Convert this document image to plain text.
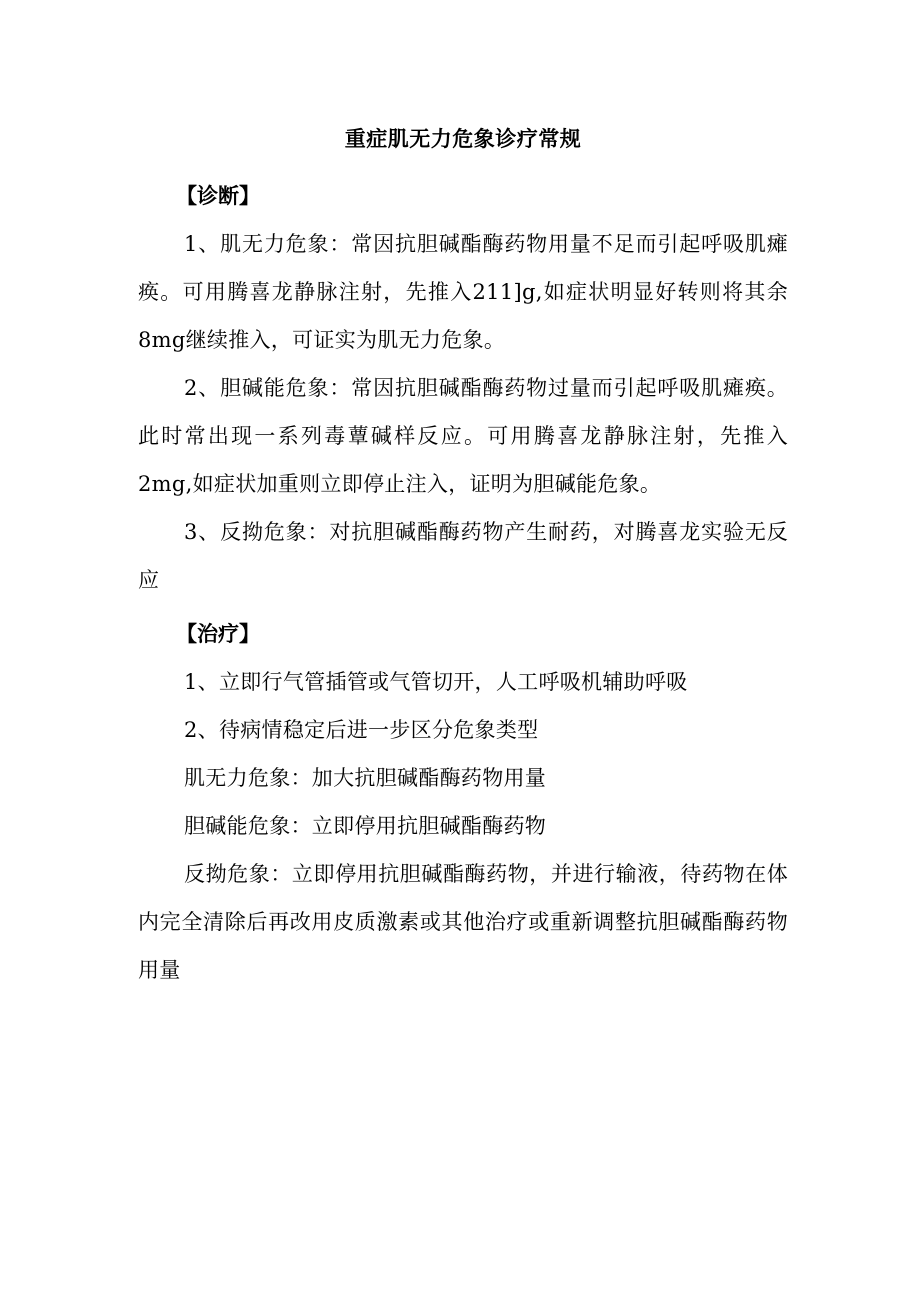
重症肌无力危象诊疗常规
【诊断】

1、肌无力危象：常因抗胆碱酯酶药物用量不足而引起呼吸肌瘫痪。可用腾喜龙静脉注射，先推入211]g,如症状明显好转则将其余8mg继续推入，可证实为肌无力危象。

2、胆碱能危象：常因抗胆碱酯酶药物过量而引起呼吸肌瘫痪。此时常出现一系列毒蕈碱样反应。可用腾喜龙静脉注射，先推入2mg,如症状加重则立即停止注入，证明为胆碱能危象。

3、反拗危象：对抗胆碱酯酶药物产生耐药，对腾喜龙实验无反应

【治疗】

1、立即行气管插管或气管切开，人工呼吸机辅助呼吸

2、待病情稳定后进一步区分危象类型

肌无力危象：加大抗胆碱酯酶药物用量

胆碱能危象：立即停用抗胆碱酯酶药物

反拗危象：立即停用抗胆碱酯酶药物，并进行输液，待药物在体内完全清除后再改用皮质激素或其他治疗或重新调整抗胆碱酯酶药物用量
